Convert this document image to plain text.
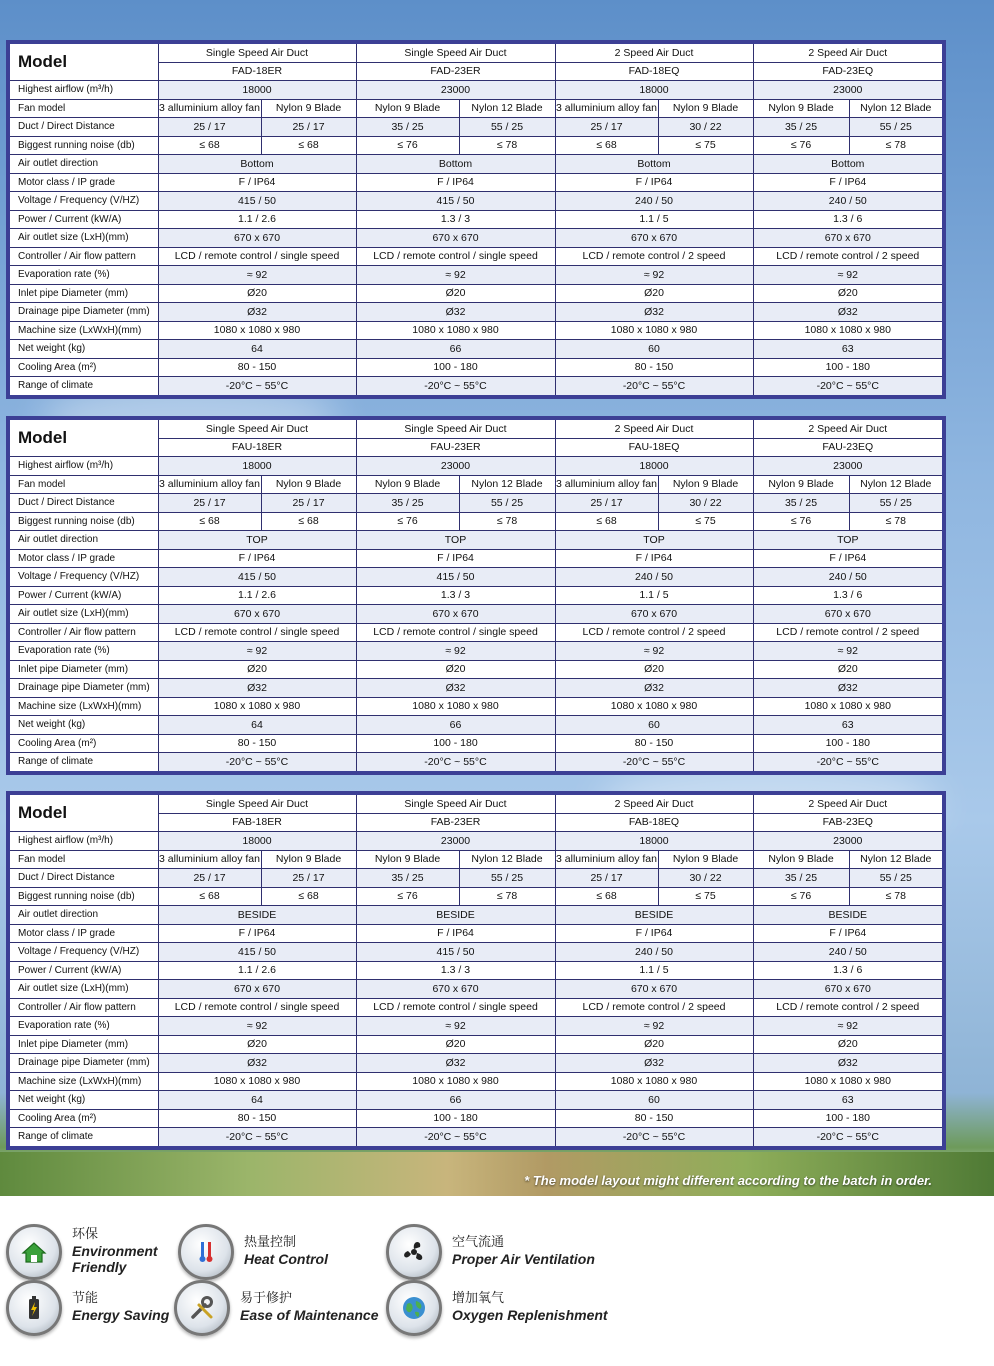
Model	Single Speed Air Duct		Single Speed Air Duct		2 Speed Air Duct		2 Speed Air Duct	
	FAD-18ER		FAD-23ER		FAD-18EQ		FAD-23EQ	
Highest airflow (m³/h)	18000		23000		18000		23000	
Fan model	3 alluminium alloy fan	Nylon 9 Blade	Nylon 9 Blade	Nylon 12 Blade	3 alluminium alloy fan	Nylon 9 Blade	Nylon 9 Blade	Nylon 12 Blade
Duct / Direct Distance	25 / 17	25 / 17	35 / 25	55 / 25	25 / 17	30 / 22	35 / 25	55 / 25
Biggest running noise (db)	≤ 68	≤ 68	≤ 76	≤ 78	≤ 68	≤ 75	≤ 76	≤ 78
Air outlet direction	Bottom		Bottom		Bottom		Bottom	
Motor class / IP grade	F / IP64		F / IP64		F / IP64		F / IP64	
Voltage / Frequency (V/HZ)	415 / 50		415 / 50		240 / 50		240 / 50	
Power / Current (kW/A)	1.1 / 2.6		1.3 / 3		1.1 / 5		1.3 / 6	
Air outlet size (LxH)(mm)	670 x 670		670 x 670		670 x 670		670 x 670	
Controller / Air flow pattern	LCD / remote control / single speed		LCD / remote control / single speed		LCD / remote control / 2 speed		LCD / remote control / 2 speed	
Evaporation rate (%)	≈ 92		≈ 92		≈ 92		≈ 92	
Inlet pipe Diameter (mm)	Ø20		Ø20		Ø20		Ø20	
Drainage pipe Diameter (mm)	Ø32		Ø32		Ø32		Ø32	
Machine size (LxWxH)(mm)	1080 x 1080 x 980		1080 x 1080 x 980		1080 x 1080 x 980		1080 x 1080 x 980	
Net weight (kg)	64		66		60		63	
Cooling Area (m²)	80 - 150		100 - 180		80 - 150		100 - 180	
Range of climate	-20°C ~ 55°C		-20°C ~ 55°C		-20°C ~ 55°C		-20°C ~ 55°C	
Model	Single Speed Air Duct		Single Speed Air Duct		2 Speed Air Duct		2 Speed Air Duct	
	FAU-18ER		FAU-23ER		FAU-18EQ		FAU-23EQ	
Highest airflow (m³/h)	18000		23000		18000		23000	
Fan model	3 alluminium alloy fan	Nylon 9 Blade	Nylon 9 Blade	Nylon 12 Blade	3 alluminium alloy fan	Nylon 9 Blade	Nylon 9 Blade	Nylon 12 Blade
Duct / Direct Distance	25 / 17	25 / 17	35 / 25	55 / 25	25 / 17	30 / 22	35 / 25	55 / 25
Biggest running noise (db)	≤ 68	≤ 68	≤ 76	≤ 78	≤ 68	≤ 75	≤ 76	≤ 78
Air outlet direction	TOP		TOP		TOP		TOP	
Motor class / IP grade	F / IP64		F / IP64		F / IP64		F / IP64	
Voltage / Frequency (V/HZ)	415 / 50		415 / 50		240 / 50		240 / 50	
Power / Current (kW/A)	1.1 / 2.6		1.3 / 3		1.1 / 5		1.3 / 6	
Air outlet size (LxH)(mm)	670 x 670		670 x 670		670 x 670		670 x 670	
Controller / Air flow pattern	LCD / remote control / single speed		LCD / remote control / single speed		LCD / remote control / 2 speed		LCD / remote control / 2 speed	
Evaporation rate (%)	≈ 92		≈ 92		≈ 92		≈ 92	
Inlet pipe Diameter (mm)	Ø20		Ø20		Ø20		Ø20	
Drainage pipe Diameter (mm)	Ø32		Ø32		Ø32		Ø32	
Machine size (LxWxH)(mm)	1080 x 1080 x 980		1080 x 1080 x 980		1080 x 1080 x 980		1080 x 1080 x 980	
Net weight (kg)	64		66		60		63	
Cooling Area (m²)	80 - 150		100 - 180		80 - 150		100 - 180	
Range of climate	-20°C ~ 55°C		-20°C ~ 55°C		-20°C ~ 55°C		-20°C ~ 55°C	
Model	Single Speed Air Duct		Single Speed Air Duct		2 Speed Air Duct		2 Speed Air Duct	
	FAB-18ER		FAB-23ER		FAB-18EQ		FAB-23EQ	
Highest airflow (m³/h)	18000		23000		18000		23000	
Fan model	3 alluminium alloy fan	Nylon 9 Blade	Nylon 9 Blade	Nylon 12 Blade	3 alluminium alloy fan	Nylon 9 Blade	Nylon 9 Blade	Nylon 12 Blade
Duct / Direct Distance	25 / 17	25 / 17	35 / 25	55 / 25	25 / 17	30 / 22	35 / 25	55 / 25
Biggest running noise (db)	≤ 68	≤ 68	≤ 76	≤ 78	≤ 68	≤ 75	≤ 76	≤ 78
Air outlet direction	BESIDE		BESIDE		BESIDE		BESIDE	
Motor class / IP grade	F / IP64		F / IP64		F / IP64		F / IP64	
Voltage / Frequency (V/HZ)	415 / 50		415 / 50		240 / 50		240 / 50	
Power / Current (kW/A)	1.1 / 2.6		1.3 / 3		1.1 / 5		1.3 / 6	
Air outlet size (LxH)(mm)	670 x 670		670 x 670		670 x 670		670 x 670	
Controller / Air flow pattern	LCD / remote control / single speed		LCD / remote control / single speed		LCD / remote control / 2 speed		LCD / remote control / 2 speed	
Evaporation rate (%)	≈ 92		≈ 92		≈ 92		≈ 92	
Inlet pipe Diameter (mm)	Ø20		Ø20		Ø20		Ø20	
Drainage pipe Diameter (mm)	Ø32		Ø32		Ø32		Ø32	
Machine size (LxWxH)(mm)	1080 x 1080 x 980		1080 x 1080 x 980		1080 x 1080 x 980		1080 x 1080 x 980	
Net weight (kg)	64		66		60		63	
Cooling Area (m²)	80 - 150		100 - 180		80 - 150		100 - 180	
Range of climate	-20°C ~ 55°C		-20°C ~ 55°C		-20°C ~ 55°C		-20°C ~ 55°C	
* The model layout might different according to the batch in order.
环保
Environment Friendly
热量控制
Heat Control
空气流通
Proper Air Ventilation
节能
Energy Saving
易于修护
Ease of Maintenance
增加氧气
Oxygen Replenishment
